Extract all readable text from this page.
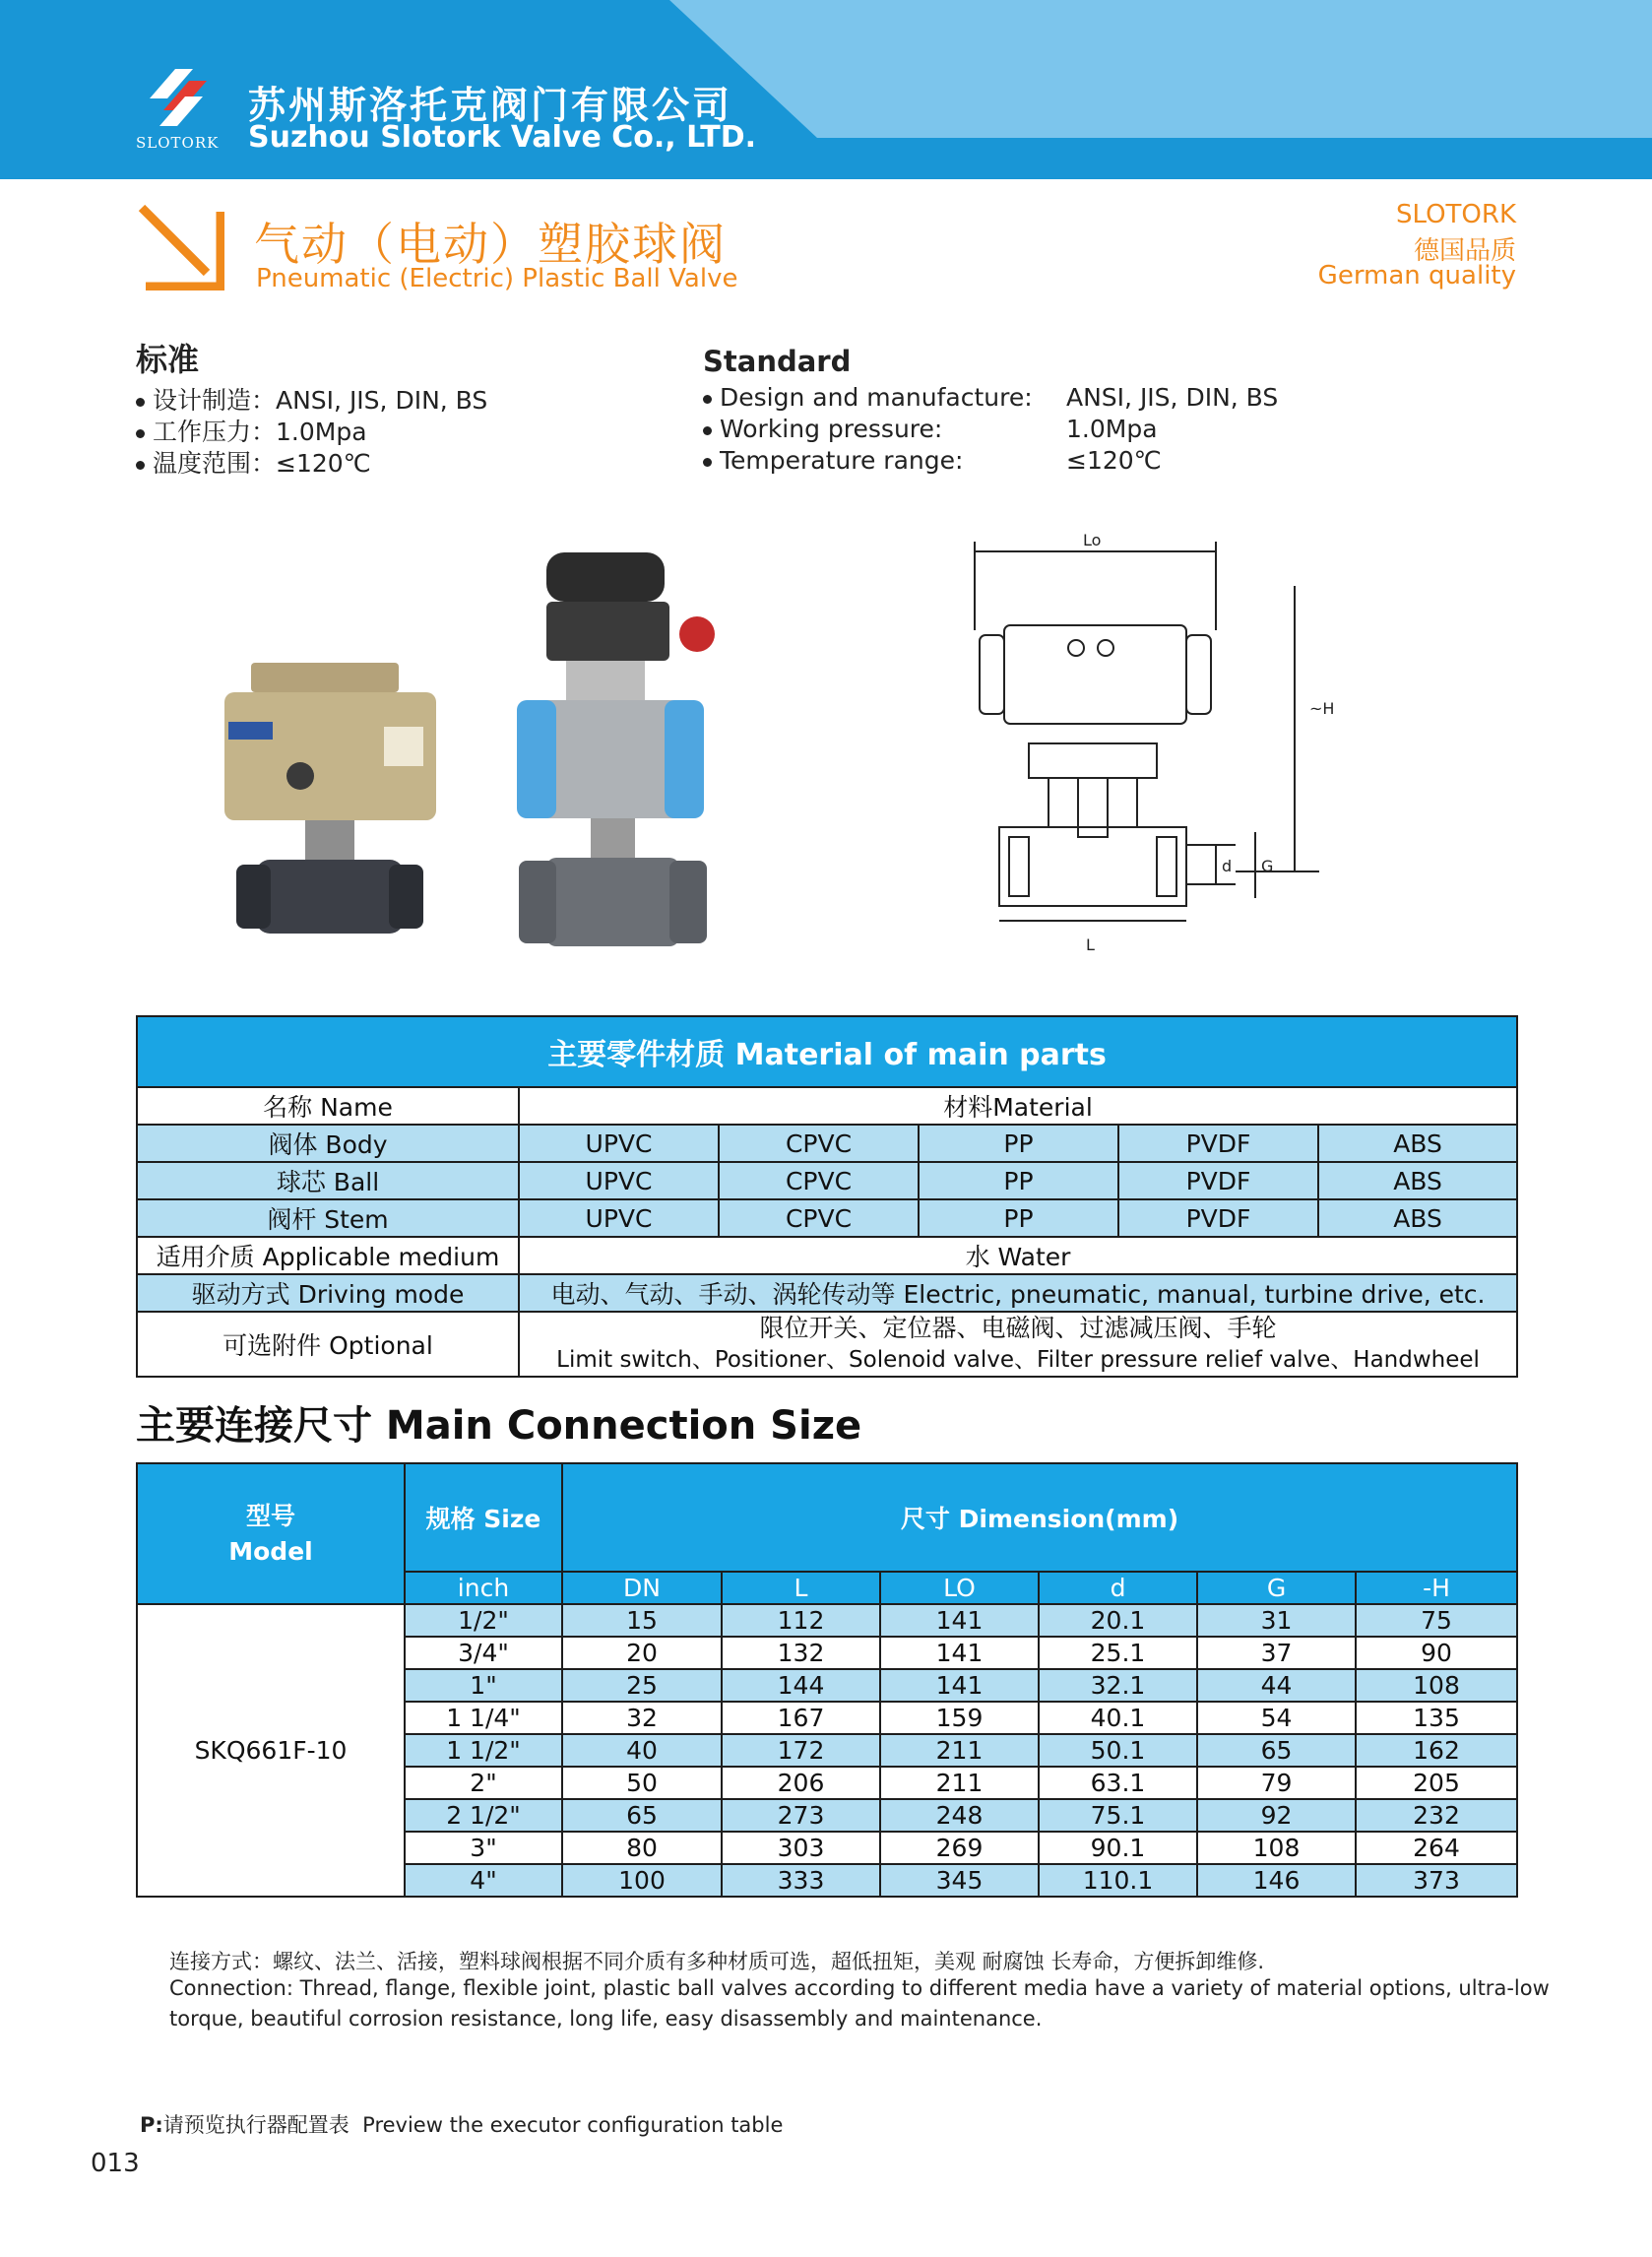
SLOTORK
苏州斯洛托克阀门有限公司
Suzhou Slotork Valve Co., LTD.
气动（电动）塑胶球阀
Pneumatic (Electric) Plastic Ball Valve
SLOTORK
德国品质
German quality
标准
设计制造：ANSI, JIS, DIN, BS
工作压力：1.0Mpa
温度范围：≤120℃
Standard
Design and manufacture: ANSI, JIS, DIN, BS
Working pressure:	1.0Mpa
Temperature range:	≤120℃
Lo
~H
d G
L
主要零件材质 Material of main parts					
名称 Name	材料Material				
阀体 Body	UPVC	CPVC	PP	PVDF	ABS
球芯 Ball	UPVC	CPVC	PP	PVDF	ABS
阀杆 Stem	UPVC	CPVC	PP	PVDF	ABS
适用介质 Applicable medium	水 Water				
驱动方式 Driving mode	电动、气动、手动、涡轮传动等 Electric, pneumatic, manual, turbine drive, etc.				
可选附件 Optional	限位开关、定位器、电磁阀、过滤减压阀、手轮
Limit switch、Positioner、Solenoid valve、Filter pressure relief valve、Handwheel				
主要连接尺寸 Main Connection Size
型号
Model	规格 Size	尺寸 Dimension(mm)					
	inch	DN	L	LO	d	G	-H
SKQ661F-10	1/2"	15	112	141	20.1	31	75
	3/4"	20	132	141	25.1	37	90
	1"	25	144	141	32.1	44	108
	1 1/4"	32	167	159	40.1	54	135
	1 1/2"	40	172	211	50.1	65	162
	2"	50	206	211	63.1	79	205
	2 1/2"	65	273	248	75.1	92	232
	3"	80	303	269	90.1	108	264
	4"	100	333	345	110.1	146	373
连接方式：螺纹、法兰、活接，塑料球阀根据不同介质有多种材质可选，超低扭矩，美观 耐腐蚀 长寿命，方便拆卸维修.
Connection: Thread, flange, flexible joint, plastic ball valves according to different media have a variety of material options, ultra-low
torque, beautiful corrosion resistance, long life, easy disassembly and maintenance.
P:请预览执行器配置表 Preview the executor configuration table
013
